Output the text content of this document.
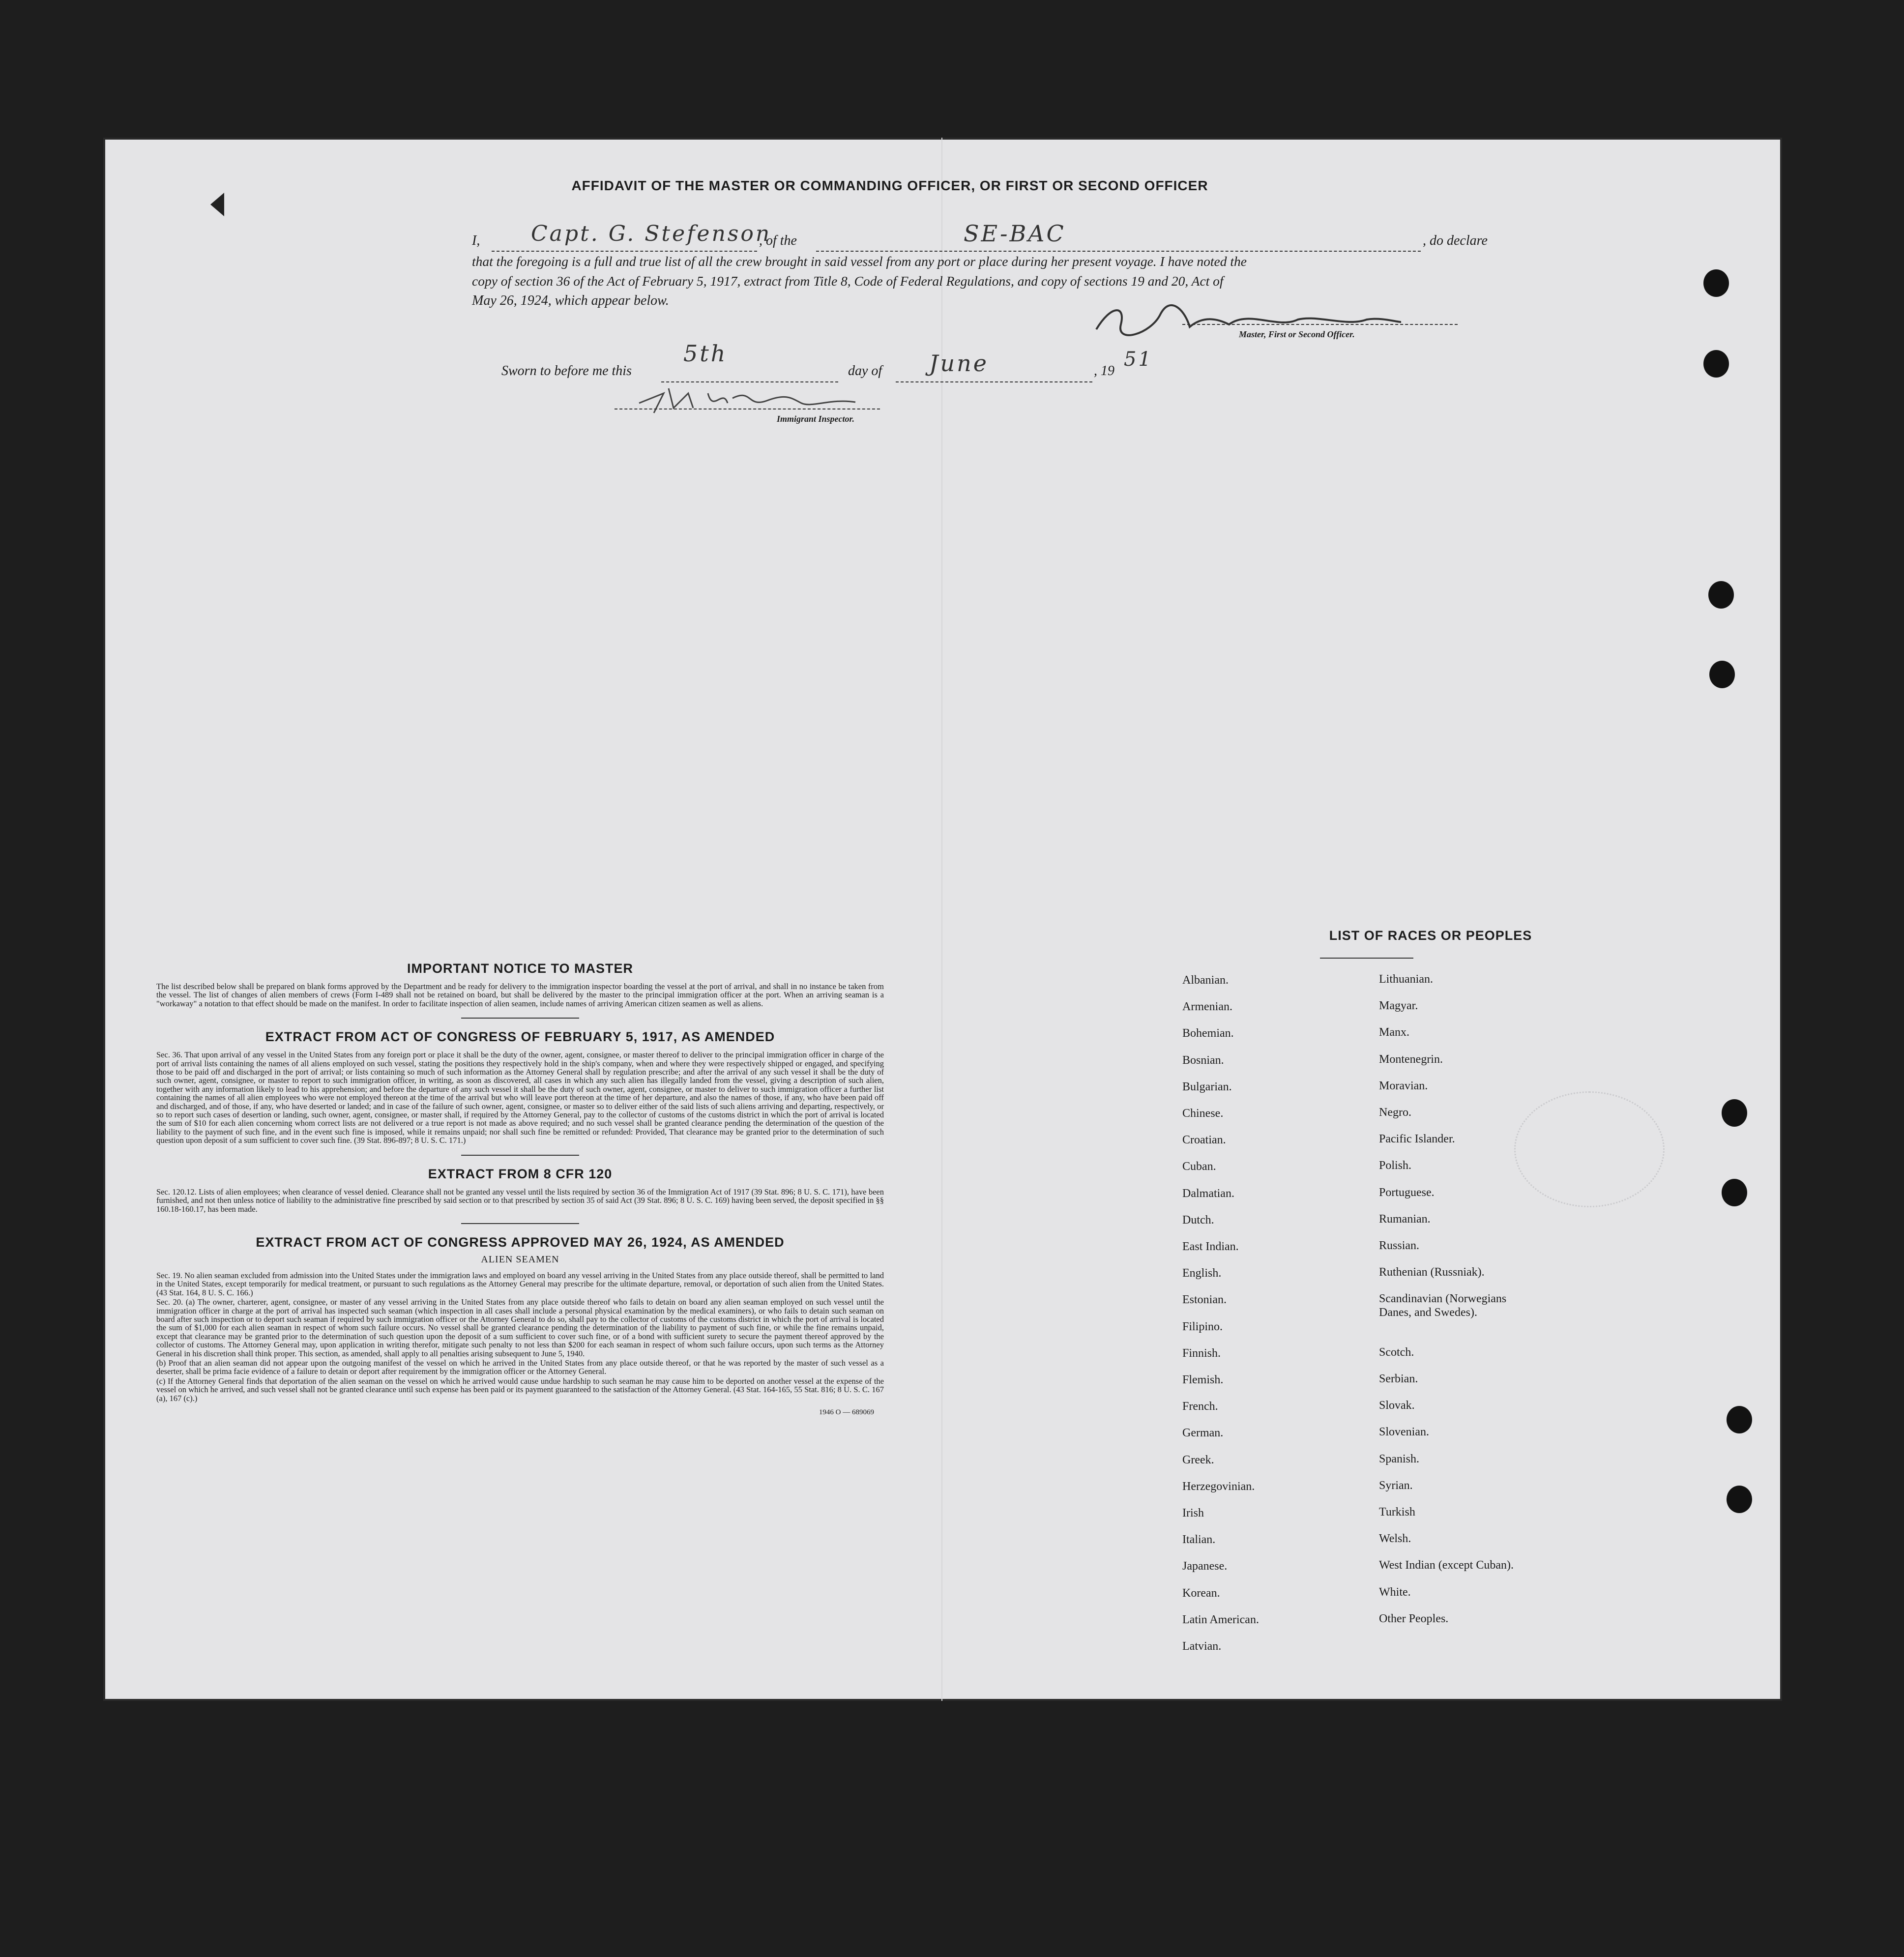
AFFIDAVIT OF THE MASTER OR COMMANDING OFFICER, OR FIRST OR SECOND OFFICER
I, Capt. G. Stefenson
, of the	SE-BAC	, do declare
that the foregoing is a full and true list of all the crew brought in said vessel from any port or place during her present voyage. I have noted the
copy of section 36 of the Act of February 5, 1917, extract from Title 8, Code of Federal Regulations, and copy of sections 19 and 20, Act of
May 26, 1924, which appear below.
Master, First or Second Officer.
Sworn to before me this
5th
day of June	, 19
51
Immigrant Inspector.

IMPORTANT NOTICE TO MASTER

The list described below shall be prepared on blank forms approved by the Department and be ready for delivery to the immigration inspector boarding the vessel at the port of arrival, and shall in no instance be taken from the vessel. The list of changes of alien members of crews (Form I-489 shall not be retained on board, but shall be delivered by the master to the principal immigration officer at the port. When an arriving seaman is a "workaway" a notation to that effect should be made on the manifest. In order to facilitate inspection of alien seamen, include names of arriving American citizen seamen as well as aliens.

EXTRACT FROM ACT OF CONGRESS OF FEBRUARY 5, 1917, AS AMENDED

Sec. 36. That upon arrival of any vessel in the United States from any foreign port or place it shall be the duty of the owner, agent, consignee, or master thereof to deliver to the principal immigration officer in charge of the port of arrival lists containing the names of all aliens employed on such vessel, stating the positions they respectively hold in the ship's company, when and where they were respectively shipped or engaged, and specifying those to be paid off and discharged in the port of arrival; or lists containing so much of such information as the Attorney General shall by regulation prescribe; and after the arrival of any such vessel it shall be the duty of such owner, agent, consignee, or master to report to such immigration officer, in writing, as soon as discovered, all cases in which any such alien has illegally landed from the vessel, giving a description of such alien, together with any information likely to lead to his apprehension; and before the departure of any such vessel it shall be the duty of such owner, agent, consignee, or master to deliver to such immigration officer a further list containing the names of all alien employees who were not employed thereon at the time of the arrival but who will leave port thereon at the time of her departure, and also the names of those, if any, who have been paid off and discharged, and of those, if any, who have deserted or landed; and in case of the failure of such owner, agent, consignee, or master so to deliver either of the said lists of such aliens arriving and departing, respectively, or so to report such cases of desertion or landing, such owner, agent, consignee, or master shall, if required by the Attorney General, pay to the collector of customs of the customs district in which the port of arrival is located the sum of $10 for each alien concerning whom correct lists are not delivered or a true report is not made as above required; and no such vessel shall be granted clearance pending the determination of the question of the liability to the payment of such fine, and in the event such fine is imposed, while it remains unpaid; nor shall such fine be remitted or refunded: Provided, That clearance may be granted prior to the determination of such question upon deposit of a sum sufficient to cover such fine. (39 Stat. 896-897; 8 U. S. C. 171.)

EXTRACT FROM 8 CFR 120

Sec. 120.12. Lists of alien employees; when clearance of vessel denied. Clearance shall not be granted any vessel until the lists required by section 36 of the Immigration Act of 1917 (39 Stat. 896; 8 U. S. C. 171), have been furnished, and not then unless notice of liability to the administrative fine prescribed by said section or to that prescribed by section 35 of said Act (39 Stat. 896; 8 U. S. C. 169) having been served, the deposit specified in §§ 160.18-160.17, has been made.

EXTRACT FROM ACT OF CONGRESS APPROVED MAY 26, 1924, AS AMENDED

ALIEN SEAMEN

Sec. 19. No alien seaman excluded from admission into the United States under the immigration laws and employed on board any vessel arriving in the United States from any place outside thereof, shall be permitted to land in the United States, except temporarily for medical treatment, or pursuant to such regulations as the Attorney General may prescribe for the ultimate departure, removal, or deportation of such alien from the United States. (43 Stat. 164, 8 U. S. C. 166.)

Sec. 20. (a) The owner, charterer, agent, consignee, or master of any vessel arriving in the United States from any place outside thereof who fails to detain on board any alien seaman employed on such vessel until the immigration officer in charge at the port of arrival has inspected such seaman (which inspection in all cases shall include a personal physical examination by the medical examiners), or who fails to detain such seaman on board after such inspection or to deport such seaman if required by such immigration officer or the Attorney General to do so, shall pay to the collector of customs of the customs district in which the port of arrival is located the sum of $1,000 for each alien seaman in respect of whom such failure occurs. No vessel shall be granted clearance pending the determination of the liability to payment of such fine, or while the fine remains unpaid, except that clearance may be granted prior to the determination of such question upon the deposit of a sum sufficient to cover such fine, or of a bond with sufficient surety to secure the payment thereof approved by the collector of customs. The Attorney General may, upon application in writing therefor, mitigate such penalty to not less than $200 for each seaman in respect of whom such failure occurs, upon such terms as the Attorney General in his discretion shall think proper. This section, as amended, shall apply to all penalties arising subsequent to June 5, 1940.

(b) Proof that an alien seaman did not appear upon the outgoing manifest of the vessel on which he arrived in the United States from any place outside thereof, or that he was reported by the master of such vessel as a deserter, shall be prima facie evidence of a failure to detain or deport after requirement by the immigration officer or the Attorney General.

(c) If the Attorney General finds that deportation of the alien seaman on the vessel on which he arrived would cause undue hardship to such seaman he may cause him to be deported on another vessel at the expense of the vessel on which he arrived, and such vessel shall not be granted clearance until such expense has been paid or its payment guaranteed to the satisfaction of the Attorney General. (43 Stat. 164-165, 55 Stat. 816; 8 U. S. C. 167 (a), 167 (c).)

1946 O — 689069
LIST OF RACES OR PEOPLES
Albanian.
Armenian.
Bohemian.
Bosnian.
Bulgarian.
Chinese.
Croatian.
Cuban.
Dalmatian.
Dutch.
East Indian.
English.
Estonian.
Filipino.
Finnish.
Flemish.
French.
German.
Greek.
Herzegovinian.
Irish
Italian.
Japanese.
Korean.
Latin American.
Latvian.
Lithuanian.
Magyar.
Manx.
Montenegrin.
Moravian.
Negro.
Pacific Islander.
Polish.
Portuguese.
Rumanian.
Russian.
Ruthenian (Russniak).
Scandinavian (Norwegians
Danes, and Swedes).
Scotch.
Serbian.
Slovak.
Slovenian.
Spanish.
Syrian.
Turkish
Welsh.
West Indian (except Cuban).
White.
Other Peoples.
